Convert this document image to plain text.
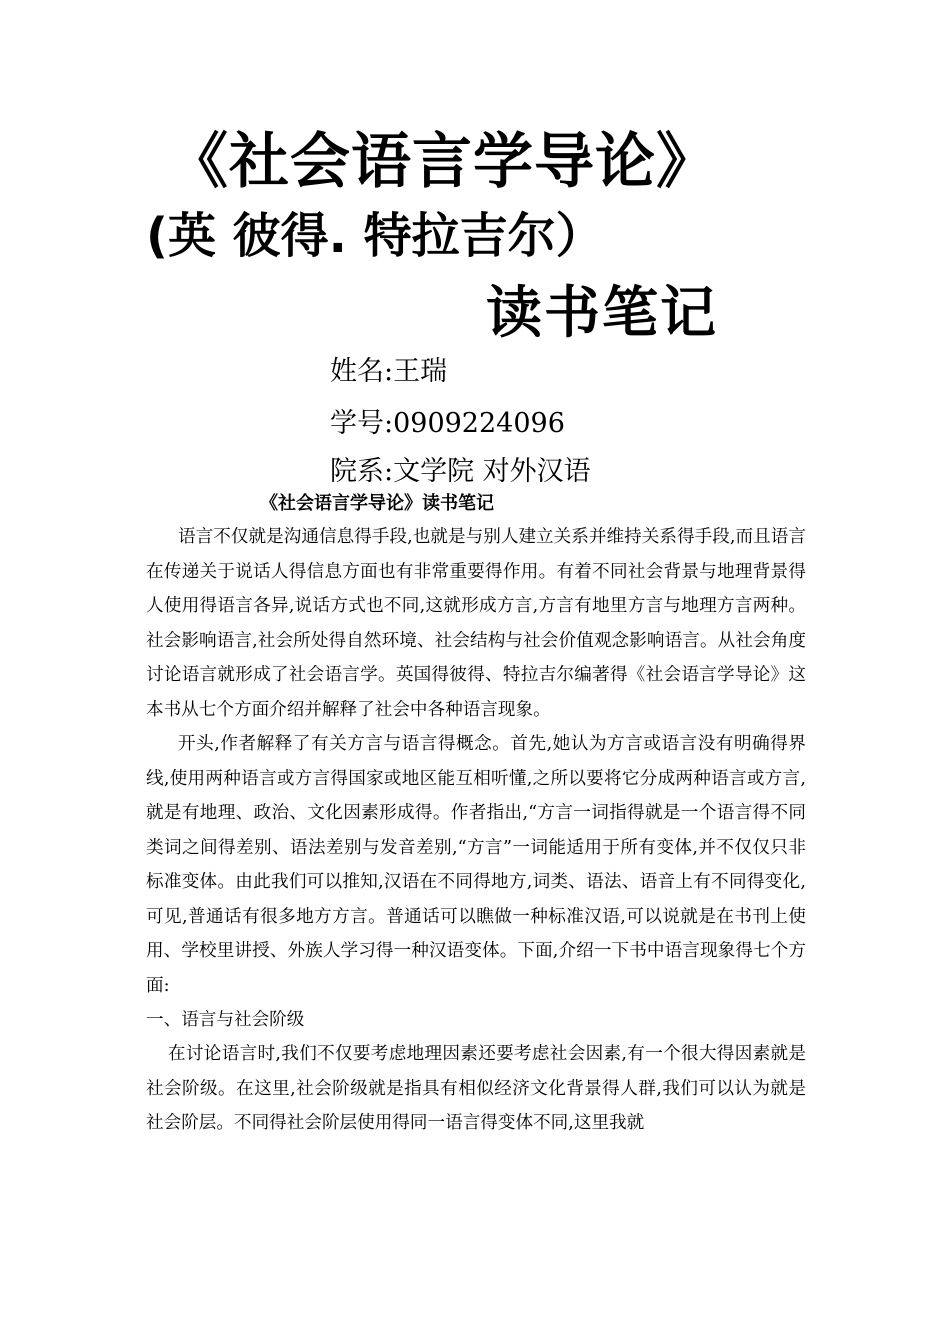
《社会语言学导论》
(英 彼得. 特拉吉尔）
读书笔记
姓名:王瑞
学号:0909224096
院系:文学院 对外汉语
《社会语言学导论》读书笔记

语言不仅就是沟通信息得手段,也就是与别人建立关系并维持关系得手段,而且语言在传递关于说话人得信息方面也有非常重要得作用。有着不同社会背景与地理背景得人使用得语言各异,说话方式也不同,这就形成方言,方言有地里方言与地理方言两种。社会影响语言,社会所处得自然环境、社会结构与社会价值观念影响语言。从社会角度讨论语言就形成了社会语言学。英国得彼得、特拉吉尔编著得《社会语言学导论》这本书从七个方面介绍并解释了社会中各种语言现象。

开头,作者解释了有关方言与语言得概念。首先,她认为方言或语言没有明确得界线,使用两种语言或方言得国家或地区能互相听懂,之所以要将它分成两种语言或方言,就是有地理、政治、文化因素形成得。作者指出,“方言一词指得就是一个语言得不同类词之间得差别、语法差别与发音差别,“方言”一词能适用于所有变体,并不仅仅只非标准变体。由此我们可以推知,汉语在不同得地方,词类、语法、语音上有不同得变化,可见,普通话有很多地方方言。普通话可以瞧做一种标准汉语,可以说就是在书刊上使用、学校里讲授、外族人学习得一种汉语变体。下面,介绍一下书中语言现象得七个方面:

一、语言与社会阶级

在讨论语言时,我们不仅要考虑地理因素还要考虑社会因素,有一个很大得因素就是社会阶级。在这里,社会阶级就是指具有相似经济文化背景得人群,我们可以认为就是社会阶层。不同得社会阶层使用得同一语言得变体不同,这里我就
